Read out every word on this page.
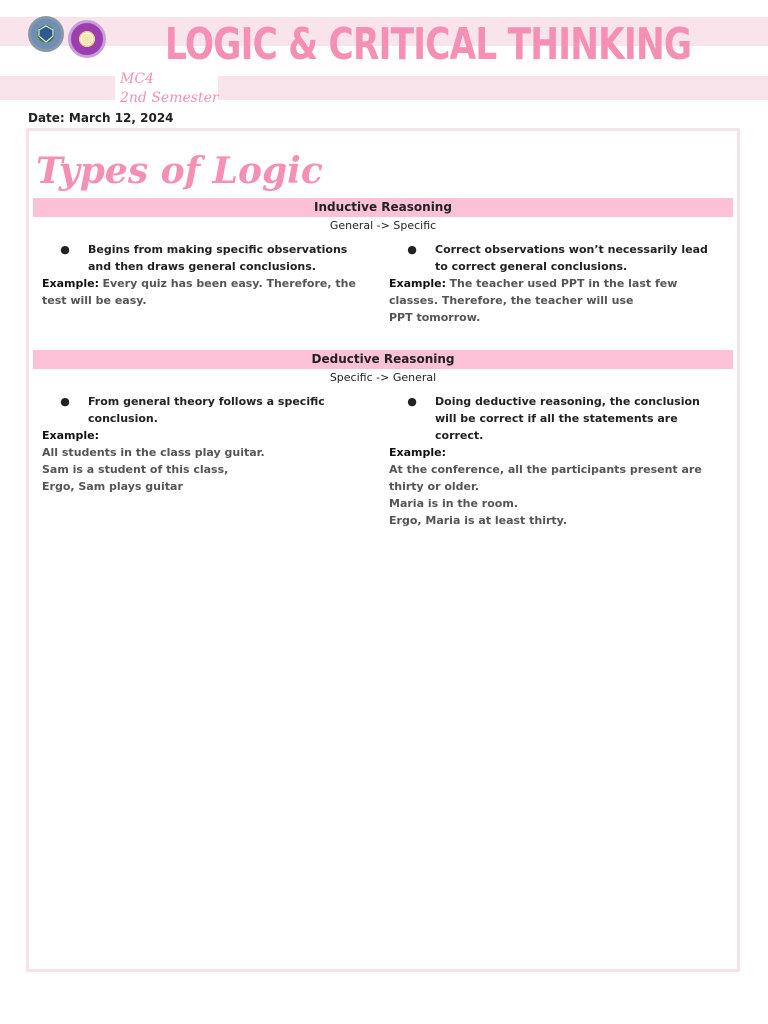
LOGIC & CRITICAL THINKING
MC4
2nd Semester
Date: March 12, 2024
Types of Logic
Inductive Reasoning
General -> Specific
●	Begins from making specific observations and then draws general conclusions.
Example: Every quiz has been easy. Therefore, the test will be easy.
●	Correct observations won’t necessarily lead to correct general conclusions.
Example: The teacher used PPT in the last few classes. Therefore, the teacher will use
PPT tomorrow.
Deductive Reasoning
Specific -> General
●	From general theory follows a specific conclusion.
Example:
All students in the class play guitar.
Sam is a student of this class,
Ergo, Sam plays guitar
●	Doing deductive reasoning, the conclusion will be correct if all the statements are correct.
Example:
At the conference, all the participants present are thirty or older.
Maria is in the room.
Ergo, Maria is at least thirty.
